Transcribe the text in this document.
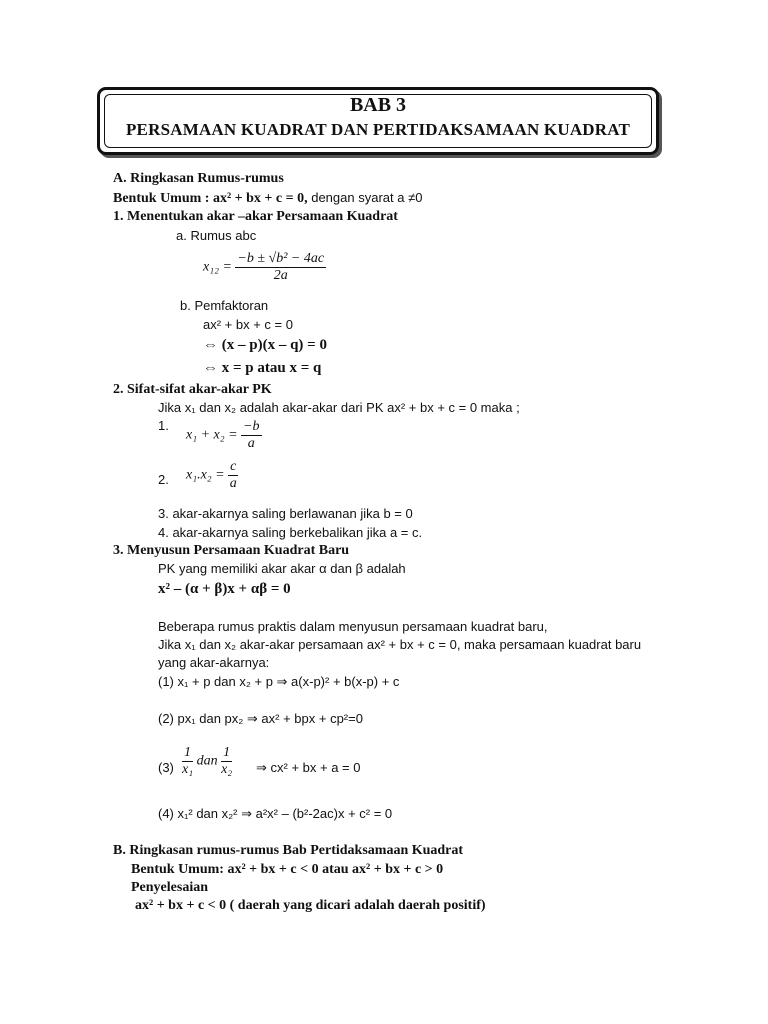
BAB 3
PERSAMAAN KUADRAT DAN PERTIDAKSAMAAN KUADRAT
A. Ringkasan Rumus-rumus
Bentuk Umum : ax² + bx + c = 0, dengan syarat a ≠0
1. Menentukan akar –akar Persamaan Kuadrat
a. Rumus abc
$x_{12} = \frac{\text{−b ± √b² − 4ac}}{2a}$
b. Pemfaktoran
ax² + bx + c = 0
⇔ (x – p)(x – q) = 0
⇔ x = p atau x = q
2. Sifat-sifat akar-akar PK
Jika x₁ dan x₂ adalah akar-akar dari PK ax² + bx + c = 0 maka ;
1.
$x_1 + x_2 = \frac{-b}{a}$
2. $x_1.x_2 = \frac{c}{a}$
3. akar-akarnya saling berlawanan jika b = 0
4. akar-akarnya saling berkebalikan jika a = c.
3. Menyusun Persamaan Kuadrat Baru
PK yang memiliki akar akar α dan β adalah
x² – (α + β)x + αβ = 0
Beberapa rumus praktis dalam menyusun persamaan kuadrat baru,
Jika x₁ dan x₂ akar-akar persamaan ax² + bx + c = 0, maka persamaan kuadrat baru
yang akar-akarnya:
(1) x₁ + p dan x₂ + p ⇒ a(x-p)² + b(x-p) + c
(2) px₁ dan px₂ ⇒ ax² + bpx + cp²=0
$(3) \frac{1}{\text{x₁}}$ dan $\frac{1}{\text{x₂}}$ ⇒ cx² + bx + a = 0
(4) x₁² dan x₂² ⇒ a²x² – (b²-2ac)x + c² = 0
B. Ringkasan rumus-rumus Bab Pertidaksamaan Kuadrat
Bentuk Umum: ax² + bx + c < 0 atau ax² + bx + c > 0
Penyelesaian
ax² + bx + c < 0 ( daerah yang dicari adalah daerah positif)
